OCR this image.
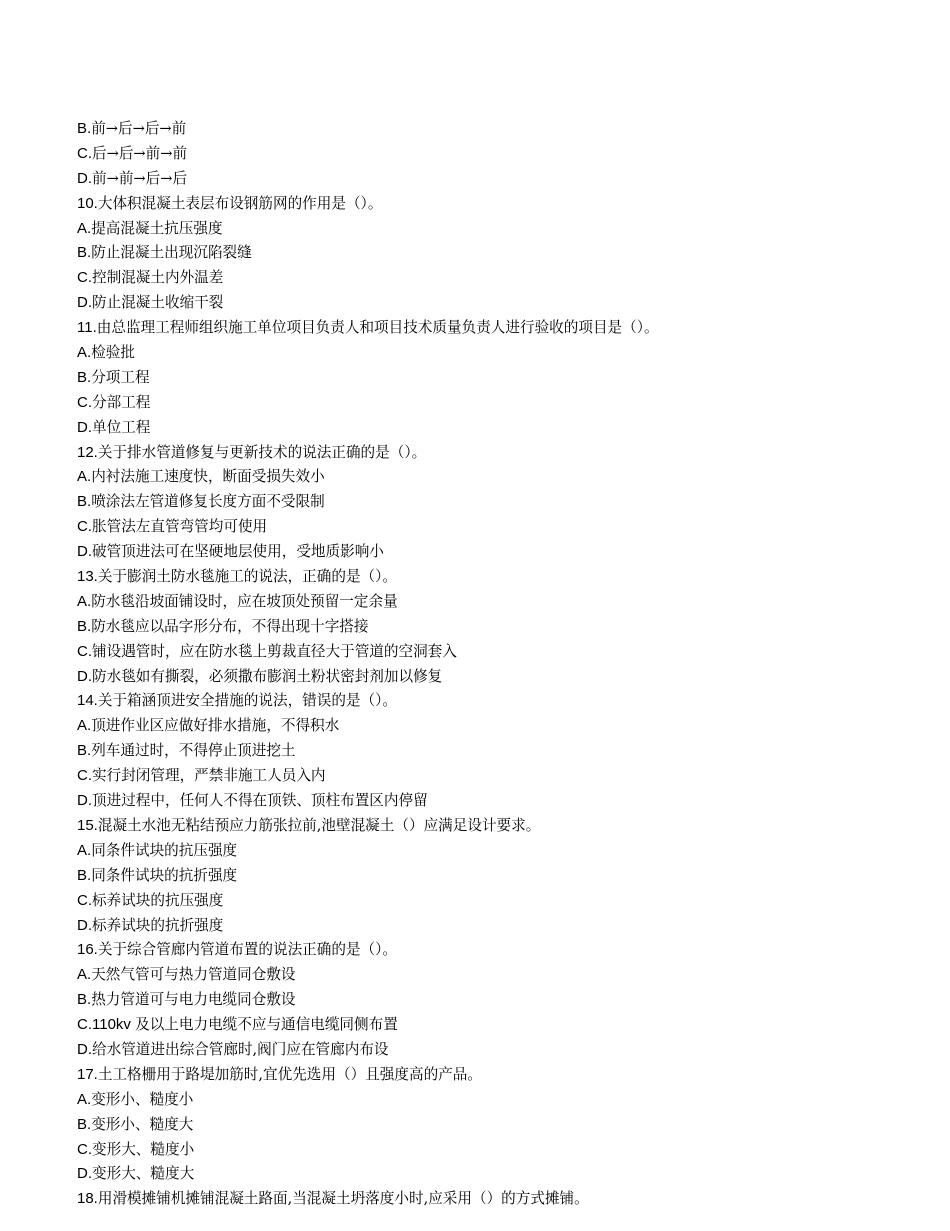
B.前→后→后→前
C.后→后→前→前
D.前→前→后→后
10.大体积混凝土表层布设钢筋网的作用是（）。
A.提高混凝土抗压强度
B.防止混凝土出现沉陷裂缝
C.控制混凝土内外温差
D.防止混凝土收缩干裂
11.由总监理工程师组织施工单位项目负责人和项目技术质量负责人进行验收的项目是（）。
A.检验批
B.分项工程
C.分部工程
D.单位工程
12.关于排水管道修复与更新技术的说法正确的是（）。
A.内衬法施工速度快，断面受损失效小
B.喷涂法左管道修复长度方面不受限制
C.胀管法左直管弯管均可使用
D.破管顶进法可在坚硬地层使用，受地质影响小
13.关于膨润土防水毯施工的说法，正确的是（）。
A.防水毯沿坡面铺设时，应在坡顶处预留一定余量
B.防水毯应以品字形分布，不得出现十字搭接
C.铺设遇管时，应在防水毯上剪裁直径大于管道的空洞套入
D.防水毯如有撕裂，必须撒布膨润土粉状密封剂加以修复
14.关于箱涵顶进安全措施的说法，错误的是（）。
A.顶进作业区应做好排水措施，不得积水
B.列车通过时，不得停止顶进挖土
C.实行封闭管理，严禁非施工人员入内
D.顶进过程中，任何人不得在顶铁、顶柱布置区内停留
15.混凝土水池无粘结预应力筋张拉前,池壁混凝土（）应满足设计要求。
A.同条件试块的抗压强度
B.同条件试块的抗折强度
C.标养试块的抗压强度
D.标养试块的抗折强度
16.关于综合管廊内管道布置的说法正确的是（）。
A.天然气管可与热力管道同仓敷设
B.热力管道可与电力电缆同仓敷设
C.110kv 及以上电力电缆不应与通信电缆同侧布置
D.给水管道进出综合管廊时,阀门应在管廊内布设
17.土工格栅用于路堤加筋时,宜优先选用（）且强度高的产品。
A.变形小、糙度小
B.变形小、糙度大
C.变形大、糙度小
D.变形大、糙度大
18.用滑模摊铺机摊铺混凝土路面,当混凝土坍落度小时,应采用（）的方式摊铺。
